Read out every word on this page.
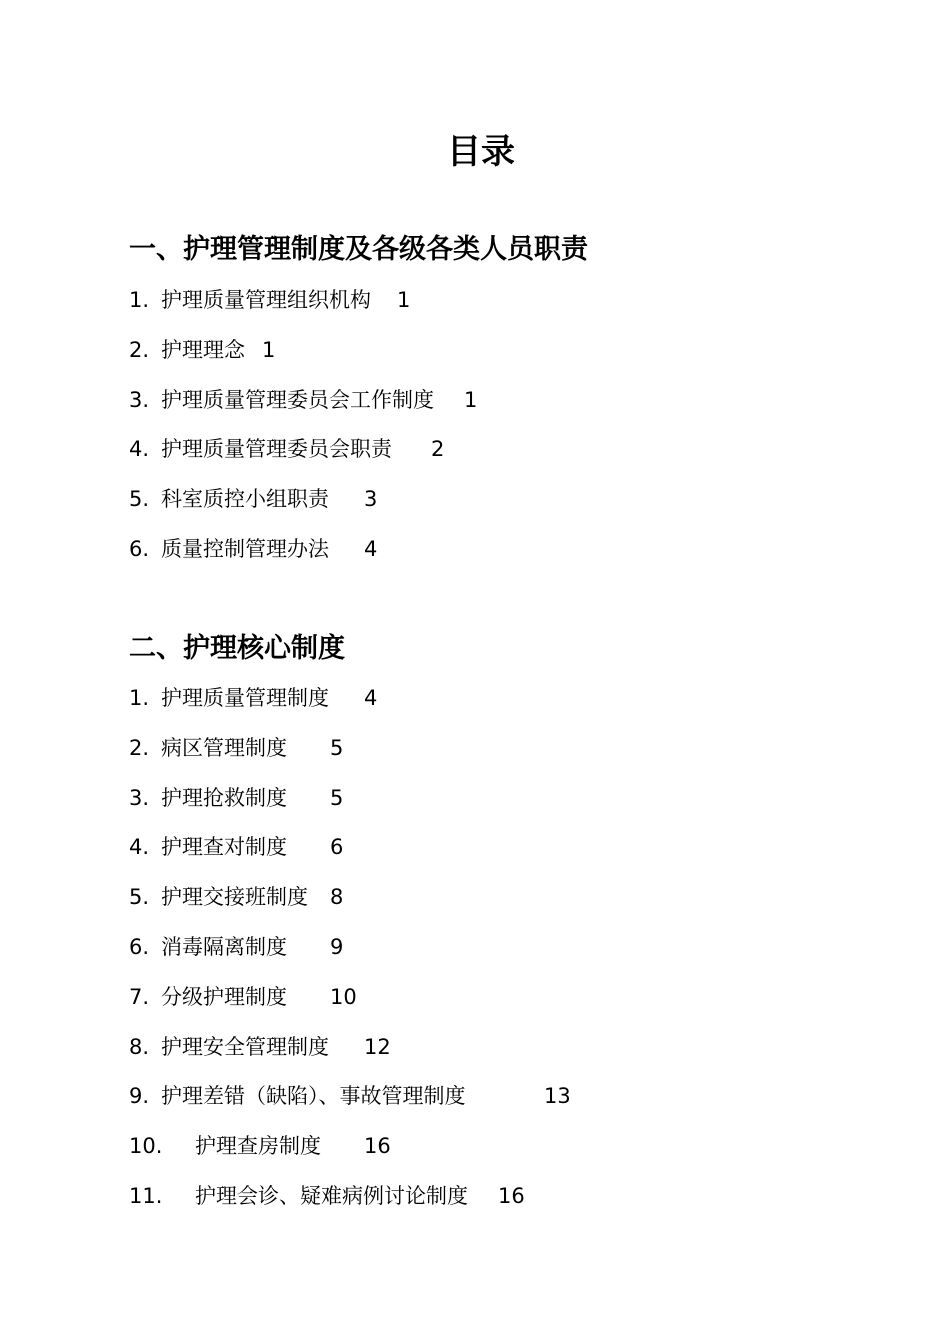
目录
一、护理管理制度及各级各类人员职责
1. 护理质量管理组织机构	1
2. 护理理念 1
3. 护理质量管理委员会工作制度	1
4. 护理质量管理委员会职责	2
5. 科室质控小组职责	3
6. 质量控制管理办法	4
二、护理核心制度
1. 护理质量管理制度	4
2. 病区管理制度	5
3. 护理抢救制度	5
4. 护理查对制度	6
5. 护理交接班制度	8
6. 消毒隔离制度	9
7. 分级护理制度	10
8. 护理安全管理制度	12
9. 护理差错（缺陷）、事故管理制度	13
10.	护理查房制度	16
11.	护理会诊、疑难病例讨论制度	16
